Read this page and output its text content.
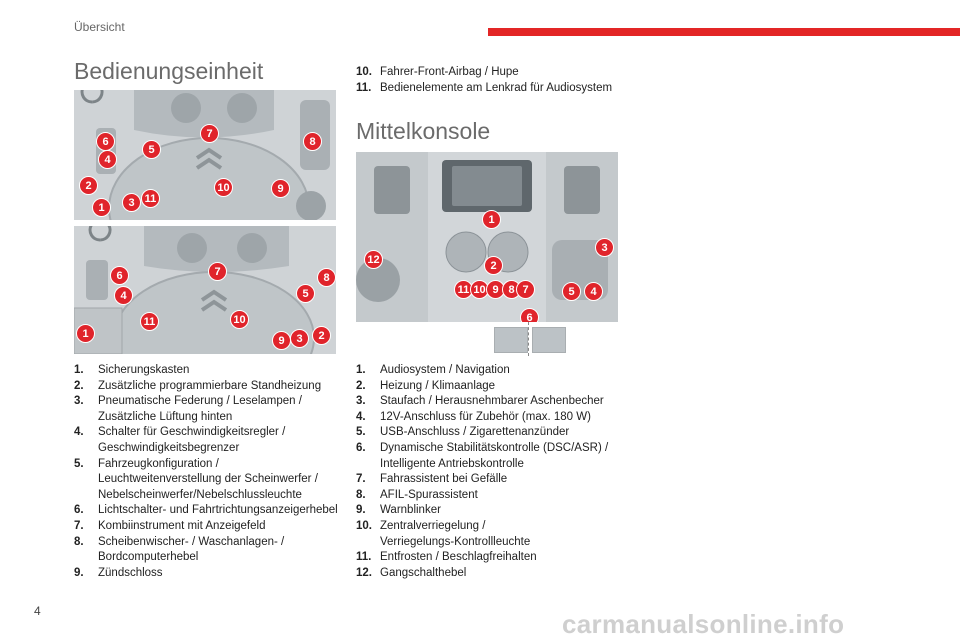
Übersicht
Bedienungseinheit
6
4
5
7
8
2
3 11
10	9
1
6
4
7	8
5
1
11	10
9	3	2
1
2
3
12
11 10 9 8 7	5	4
6
Mittelkonsole
1.	Sicherungskasten
2.	Zusätzliche programmierbare Standheizung
3.	Pneumatische Federung / Leselampen /
Zusätzliche Lüftung hinten
4.	Schalter für Geschwindigkeitsregler /
Geschwindigkeitsbegrenzer
5.	Fahrzeugkonfiguration /
Leuchtweitenverstellung der Scheinwerfer /
Nebelscheinwerfer/Nebelschlussleuchte
6.	Lichtschalter- und Fahrtrichtungsanzeigerhebel
7.	Kombiinstrument mit Anzeigefeld
8.	Scheibenwischer- / Waschanlagen- /
Bordcomputerhebel
9.	Zündschloss
10. Fahrer-Front-Airbag / Hupe
11. Bedienelemente am Lenkrad für Audiosystem
1.	Audiosystem / Navigation
2.	Heizung / Klimaanlage
3.	Staufach / Herausnehmbarer Aschenbecher
4.	12V-Anschluss für Zubehör (max. 180 W)
5.	USB-Anschluss / Zigarettenanzünder
6.	Dynamische Stabilitätskontrolle (DSC/ASR) /
Intelligente Antriebskontrolle
7.	Fahrassistent bei Gefälle
8.	AFIL-Spurassistent
9.	Warnblinker
10. Zentralverriegelung /
Verriegelungs-Kontrollleuchte
11. Entfrosten / Beschlagfreihalten
12. Gangschalthebel
4	carmanualsonline.info
